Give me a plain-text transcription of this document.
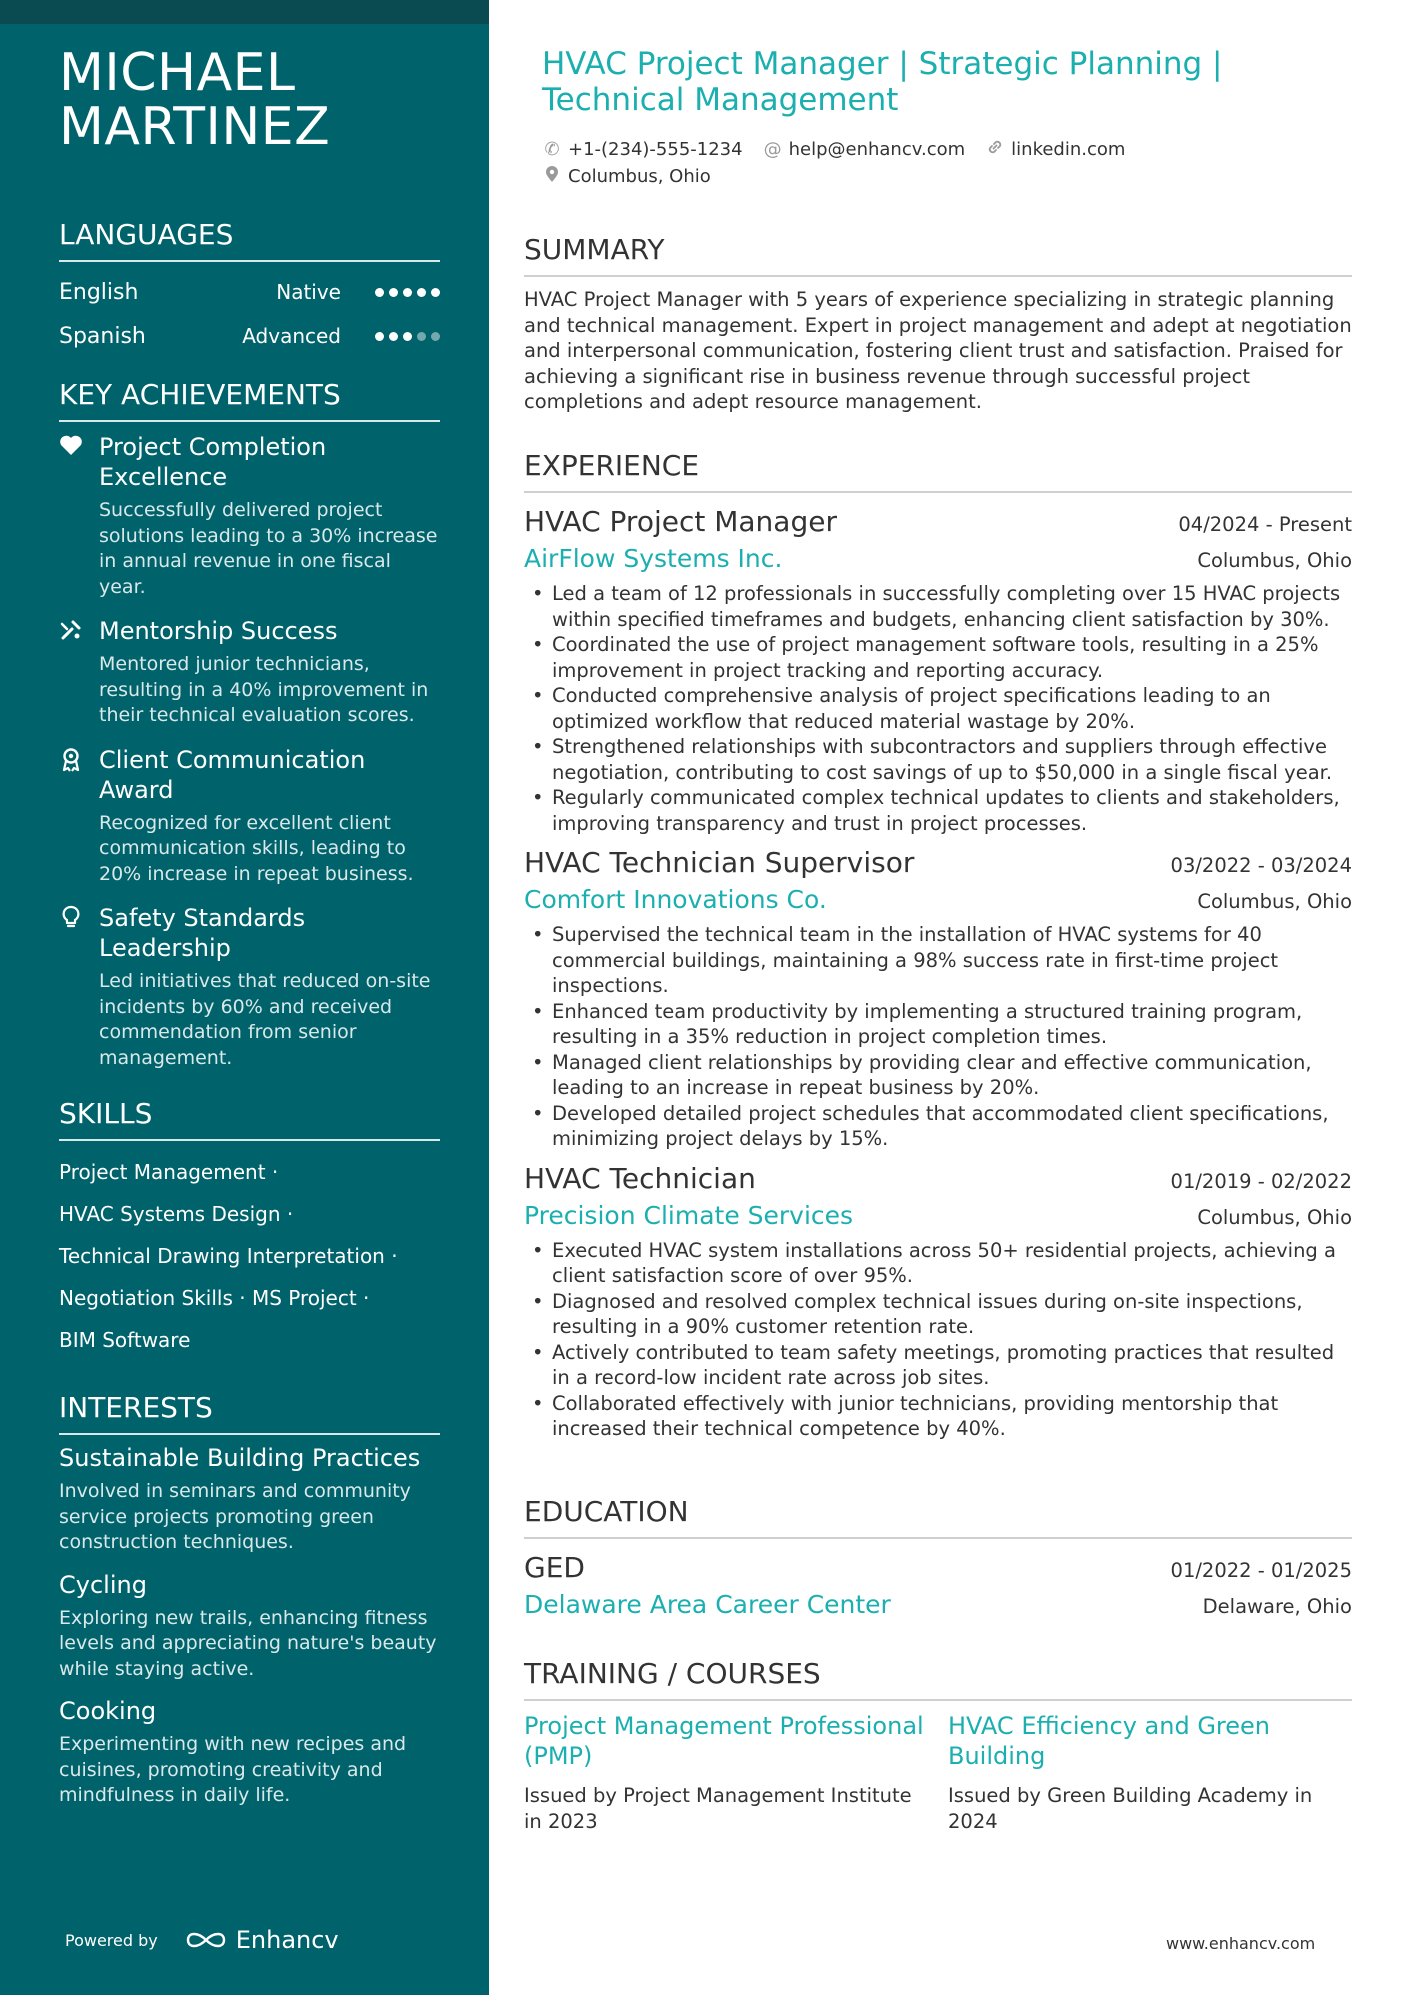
MICHAEL
MARTINEZ
LANGUAGES
English	Native
Spanish	Advanced
KEY ACHIEVEMENTS
Project Completion Excellence
Successfully delivered project solutions leading to a 30% increase in annual revenue in one fiscal year.
Mentorship Success
Mentored junior technicians, resulting in a 40% improvement in their technical evaluation scores.
Client Communication Award
Recognized for excellent client communication skills, leading to 20% increase in repeat business.
Safety Standards Leadership
Led initiatives that reduced on-site incidents by 60% and received commendation from senior management.
SKILLS
Project Management ·
HVAC Systems Design ·
Technical Drawing Interpretation ·
Negotiation Skills · MS Project ·
BIM Software
INTERESTS
Sustainable Building Practices
Involved in seminars and community service projects promoting green construction techniques.
Cycling
Exploring new trails, enhancing fitness levels and appreciating nature's beauty while staying active.
Cooking
Experimenting with new recipes and cuisines, promoting creativity and mindfulness in daily life.
Powered by	Enhancv
HVAC Project Manager | Strategic Planning | Technical Management
✆ +1-(234)-555-1234 @ help@enhancv.com	linkedin.com
Columbus, Ohio
SUMMARY
HVAC Project Manager with 5 years of experience specializing in strategic planning and technical management. Expert in project management and adept at negotiation and interpersonal communication, fostering client trust and satisfaction. Praised for achieving a significant rise in business revenue through successful project completions and adept resource management.
EXPERIENCE
HVAC Project Manager	04/2024 - Present
AirFlow Systems Inc.	Columbus, Ohio
• Led a team of 12 professionals in successfully completing over 15 HVAC projects within specified timeframes and budgets, enhancing client satisfaction by 30%.
• Coordinated the use of project management software tools, resulting in a 25% improvement in project tracking and reporting accuracy.
• Conducted comprehensive analysis of project specifications leading to an optimized workflow that reduced material wastage by 20%.
• Strengthened relationships with subcontractors and suppliers through effective negotiation, contributing to cost savings of up to $50,000 in a single fiscal year.
• Regularly communicated complex technical updates to clients and stakeholders, improving transparency and trust in project processes.
HVAC Technician Supervisor	03/2022 - 03/2024
Comfort Innovations Co.	Columbus, Ohio
• Supervised the technical team in the installation of HVAC systems for 40 commercial buildings, maintaining a 98% success rate in first-time project inspections.
• Enhanced team productivity by implementing a structured training program, resulting in a 35% reduction in project completion times.
• Managed client relationships by providing clear and effective communication, leading to an increase in repeat business by 20%.
• Developed detailed project schedules that accommodated client specifications, minimizing project delays by 15%.
HVAC Technician	01/2019 - 02/2022
Precision Climate Services	Columbus, Ohio
• Executed HVAC system installations across 50+ residential projects, achieving a client satisfaction score of over 95%.
• Diagnosed and resolved complex technical issues during on-site inspections, resulting in a 90% customer retention rate.
• Actively contributed to team safety meetings, promoting practices that resulted in a record-low incident rate across job sites.
• Collaborated effectively with junior technicians, providing mentorship that increased their technical competence by 40%.
EDUCATION
GED	01/2022 - 01/2025
Delaware Area Career Center	Delaware, Ohio
TRAINING / COURSES
Project Management Professional (PMP)
Issued by Project Management Institute in 2023
HVAC Efficiency and Green Building
Issued by Green Building Academy in 2024
www.enhancv.com
